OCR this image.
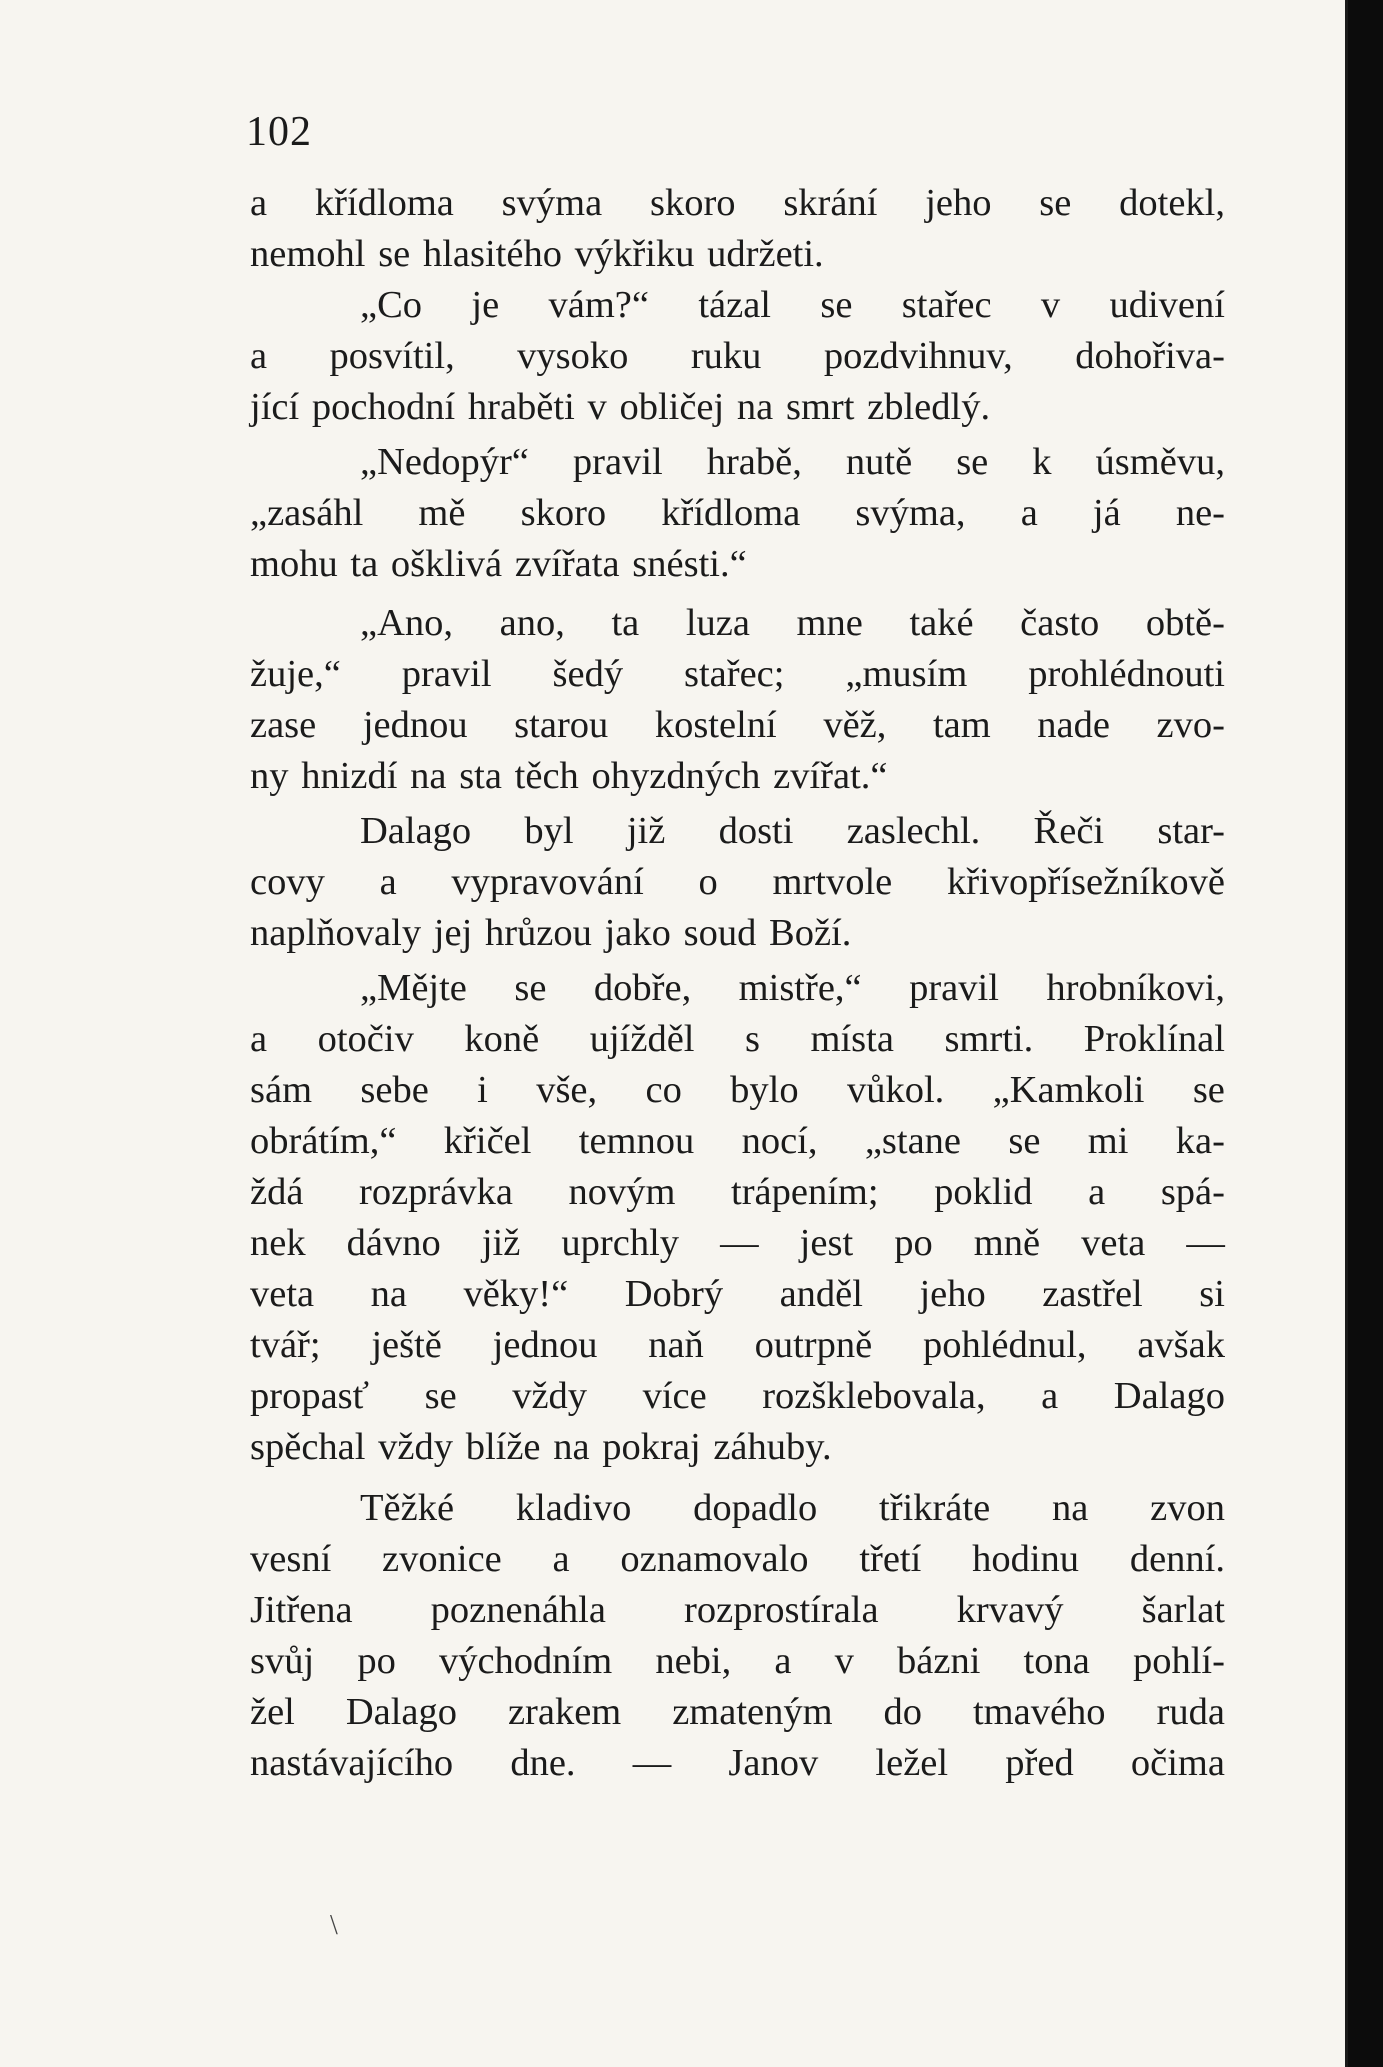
102
a křídloma svýma skoro skrání jeho se dotekl,
nemohl se hlasitého výkřiku udržeti.
„Co je vám?“ tázal se stařec v udivení
a posvítil, vysoko ruku pozdvihnuv, dohořiva-
jící pochodní hraběti v obličej na smrt zbledlý.
„Nedopýr“ pravil hrabě, nutě se k úsměvu,
„zasáhl mě skoro křídloma svýma, a já ne-
mohu ta ošklivá zvířata snésti.“
„Ano, ano, ta luza mne také často obtě-
žuje,“ pravil šedý stařec; „musím prohlédnouti
zase jednou starou kostelní věž, tam nade zvo-
ny hnizdí na sta těch ohyzdných zvířat.“
Dalago byl již dosti zaslechl. Řeči star-
covy a vypravování o mrtvole křivopřísežníkově
naplňovaly jej hrůzou jako soud Boží.
„Mějte se dobře, mistře,“ pravil hrobníkovi,
a otočiv koně ujížděl s místa smrti. Proklínal
sám sebe i vše, co bylo vůkol. „Kamkoli se
obrátím,“ křičel temnou nocí, „stane se mi ka-
ždá rozprávka novým trápením; poklid a spá-
nek dávno již uprchly — jest po mně veta —
veta na věky!“ Dobrý anděl jeho zastřel si
tvář; ještě jednou naň outrpně pohlédnul, avšak
propasť se vždy více rozšklebovala, a Dalago
spěchal vždy blíže na pokraj záhuby.
Těžké kladivo dopadlo třikráte na zvon
vesní zvonice a oznamovalo třetí hodinu denní.
Jitřena poznenáhla rozprostírala krvavý šarlat
svůj po východním nebi, a v bázni tona pohlí-
žel Dalago zrakem zmateným do tmavého ruda
nastávajícího dne. — Janov ležel před očima
\
